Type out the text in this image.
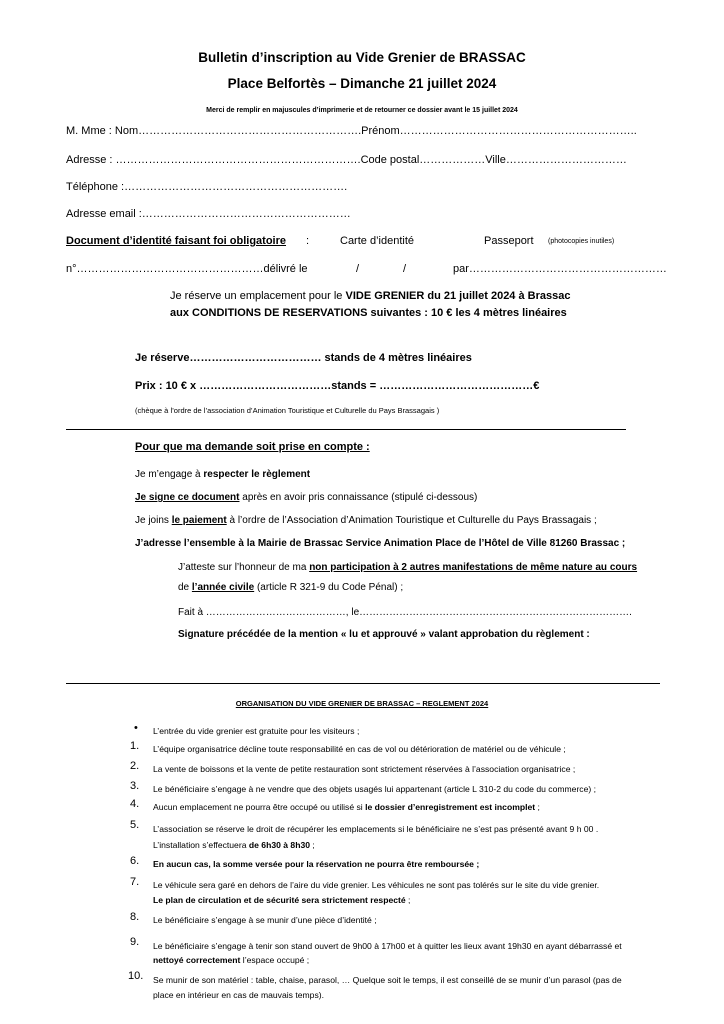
Bulletin d’inscription au Vide Grenier de BRASSAC
Place Belfortès – Dimanche 21 juillet 2024
Merci de remplir en majuscules d’imprimerie et de retourner ce dossier avant le 15 juillet 2024
M. Mme : Nom…………………………………………………….Prénom………………………………………………………..
Adresse : ………………………………………………………….Code postal………………Ville……………………………
Téléphone :…………………………………………………….
Adresse email :…………………………………………………
Document d’identité faisant foi obligatoire :	Carte d’identité	Passeport (photocopies inutiles)
n°……………………………………………délivré le	/	/	par………………………………………………
Je réserve un emplacement pour le VIDE GRENIER du 21 juillet 2024 à Brassac
aux CONDITIONS DE RESERVATIONS suivantes : 10 € les 4 mètres linéaires
Je réserve……………………………… stands de 4 mètres linéaires
Prix : 10 € x ………………………………stands = ……………………………………€
(chèque à l’ordre de l’association d’Animation Touristique et Culturelle du Pays Brassagais )
Pour que ma demande soit prise en compte :
Je m’engage à respecter le règlement
Je signe ce document après en avoir pris connaissance (stipulé ci-dessous)
Je joins le paiement à l’ordre de l’Association d’Animation Touristique et Culturelle du Pays Brassagais ;
J’adresse l’ensemble à la Mairie de Brassac Service Animation Place de l’Hôtel de Ville 81260 Brassac ;
J’atteste sur l’honneur de ma non participation à 2 autres manifestations de même nature au cours
de l’année civile (article R 321-9 du Code Pénal) ;
Fait à ……………………………………, le……………………………………………………………………….
Signature précédée de la mention « lu et approuvé » valant approbation du règlement :
ORGANISATION DU VIDE GRENIER DE BRASSAC – REGLEMENT 2024
• L’entrée du vide grenier est gratuite pour les visiteurs ;
1. L’équipe organisatrice décline toute responsabilité en cas de vol ou détérioration de matériel ou de véhicule ;
2. La vente de boissons et la vente de petite restauration sont strictement réservées à l’association organisatrice ;
3. Le bénéficiaire s’engage à ne vendre que des objets usagés lui appartenant (article L 310-2 du code du commerce) ;
4. Aucun emplacement ne pourra être occupé ou utilisé si le dossier d’enregistrement est incomplet ;
5. L’association se réserve le droit de récupérer les emplacements si le bénéficiaire ne s’est pas présenté avant 9 h 00 .
L’installation s’effectuera de 6h30 à 8h30 ;
6. En aucun cas, la somme versée pour la réservation ne pourra être remboursée ;
7. Le véhicule sera garé en dehors de l’aire du vide grenier. Les véhicules ne sont pas tolérés sur le site du vide grenier.
Le plan de circulation et de sécurité sera strictement respecté ;
8. Le bénéficiaire s’engage à se munir d’une pièce d’identité ;
9. Le bénéficiaire s’engage à tenir son stand ouvert de 9h00 à 17h00 et à quitter les lieux avant 19h30 en ayant débarrassé et
nettoyé correctement l’espace occupé ;
10. Se munir de son matériel : table, chaise, parasol, … Quelque soit le temps, il est conseillé de se munir d’un parasol (pas de
place en intérieur en cas de mauvais temps).
